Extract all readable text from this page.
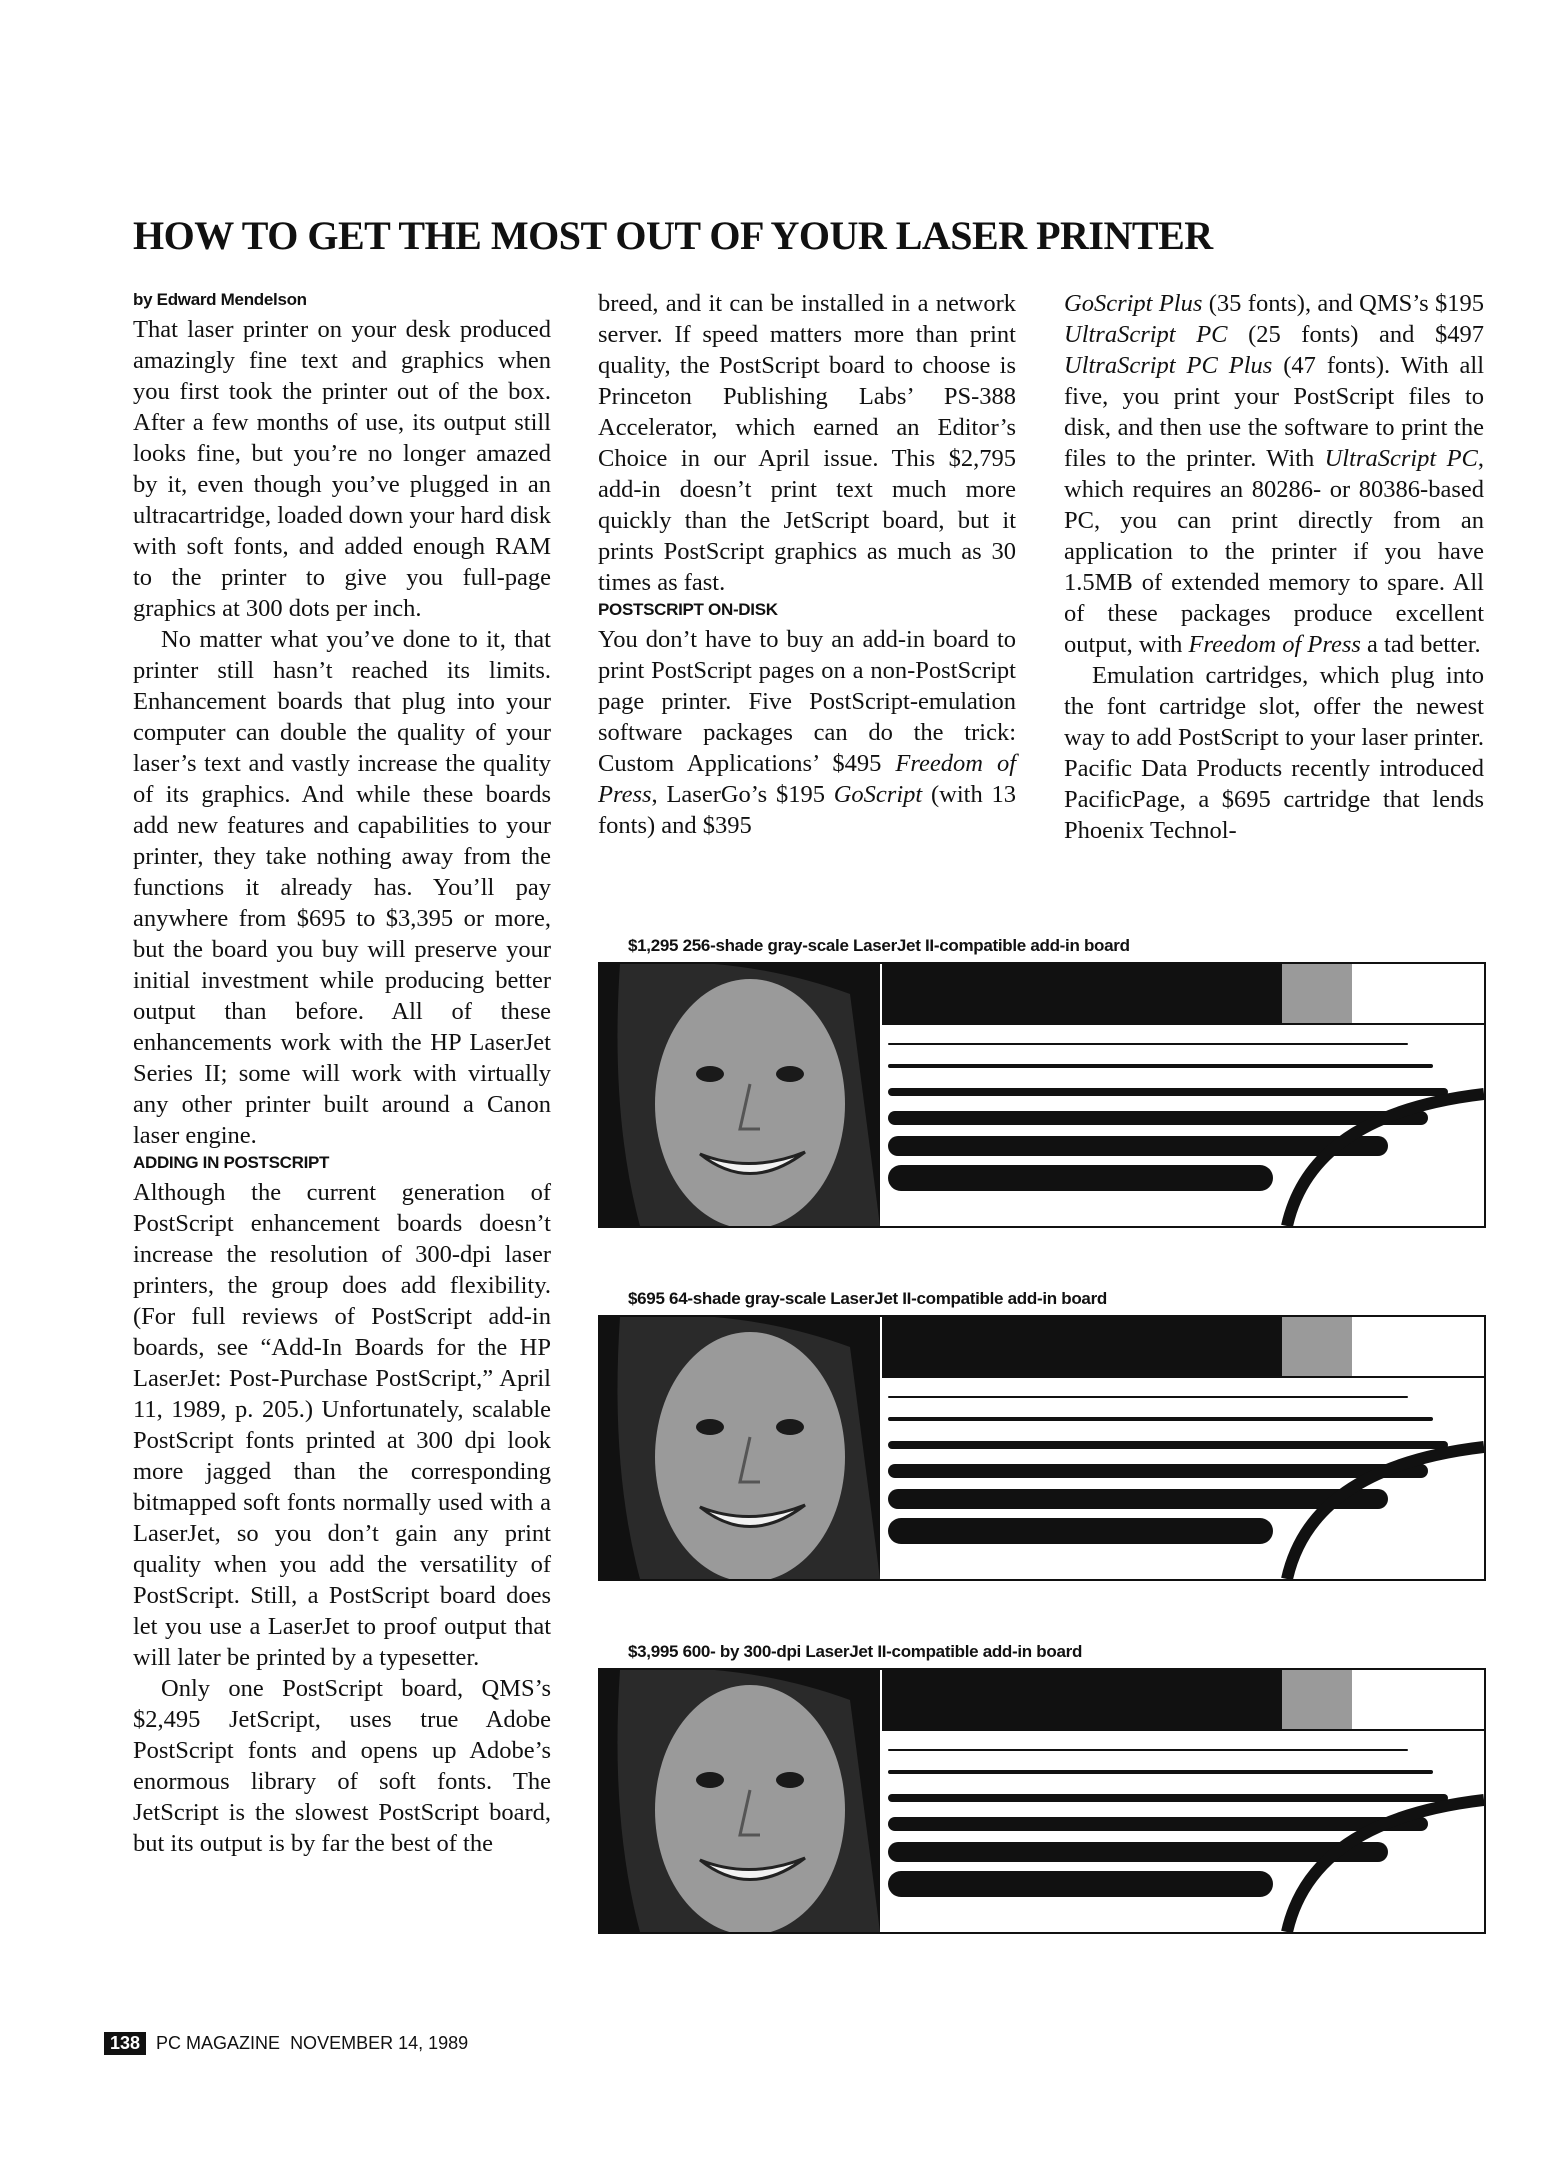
HOW TO GET THE MOST OUT OF YOUR LASER PRINTER

by Edward Mendelson

That laser printer on your desk produced amazingly fine text and graphics when you first took the printer out of the box. After a few months of use, its output still looks fine, but you’re no longer amazed by it, even though you’ve plugged in an ultracartridge, loaded down your hard disk with soft fonts, and added enough RAM to the printer to give you full-page graphics at 300 dots per inch.

No matter what you’ve done to it, that printer still hasn’t reached its limits. Enhancement boards that plug into your computer can double the quality of your laser’s text and vastly increase the quality of its graphics. And while these boards add new features and capabilities to your printer, they take nothing away from the functions it already has. You’ll pay anywhere from $695 to $3,395 or more, but the board you buy will preserve your initial investment while producing better output than before. All of these enhancements work with the HP LaserJet Series II; some will work with virtually any other printer built around a Canon laser engine.

ADDING IN POSTSCRIPT

Although the current generation of PostScript enhancement boards doesn’t increase the resolution of 300-dpi laser printers, the group does add flexibility. (For full reviews of PostScript add-in boards, see “Add-In Boards for the HP LaserJet: Post-Purchase PostScript,” April 11, 1989, p. 205.) Unfortunately, scalable PostScript fonts printed at 300 dpi look more jagged than the corresponding bitmapped soft fonts normally used with a LaserJet, so you don’t gain any print quality when you add the versatility of PostScript. Still, a PostScript board does let you use a LaserJet to proof output that will later be printed by a typesetter.

Only one PostScript board, QMS’s $2,495 JetScript, uses true Adobe PostScript fonts and opens up Adobe’s enormous library of soft fonts. The JetScript is the slowest PostScript board, but its output is by far the best of the

breed, and it can be installed in a network server. If speed matters more than print quality, the PostScript board to choose is Princeton Publishing Labs’ PS-388 Accelerator, which earned an Editor’s Choice in our April issue. This $2,795 add-in doesn’t print text much more quickly than the JetScript board, but it prints PostScript graphics as much as 30 times as fast.

POSTSCRIPT ON-DISK

You don’t have to buy an add-in board to print PostScript pages on a non-PostScript page printer. Five PostScript-emulation software packages can do the trick: Custom Applications’ $495 Freedom of Press, LaserGo’s $195 GoScript (with 13 fonts) and $395

GoScript Plus (35 fonts), and QMS’s $195 UltraScript PC (25 fonts) and $497 UltraScript PC Plus (47 fonts). With all five, you print your PostScript files to disk, and then use the software to print the files to the printer. With UltraScript PC, which requires an 80286- or 80386-based PC, you can print directly from an application to the printer if you have 1.5MB of extended memory to spare. All of these packages produce excellent output, with Freedom of Press a tad better.

Emulation cartridges, which plug into the font cartridge slot, offer the newest way to add PostScript to your laser printer. Pacific Data Products recently introduced PacificPage, a $695 cartridge that lends Phoenix Technol-

$1,295 256-shade gray-scale LaserJet II-compatible add-in board
$695 64-shade gray-scale LaserJet II-compatible add-in board
$3,995 600- by 300-dpi LaserJet II-compatible add-in board
138 PC MAGAZINE NOVEMBER 14, 1989
